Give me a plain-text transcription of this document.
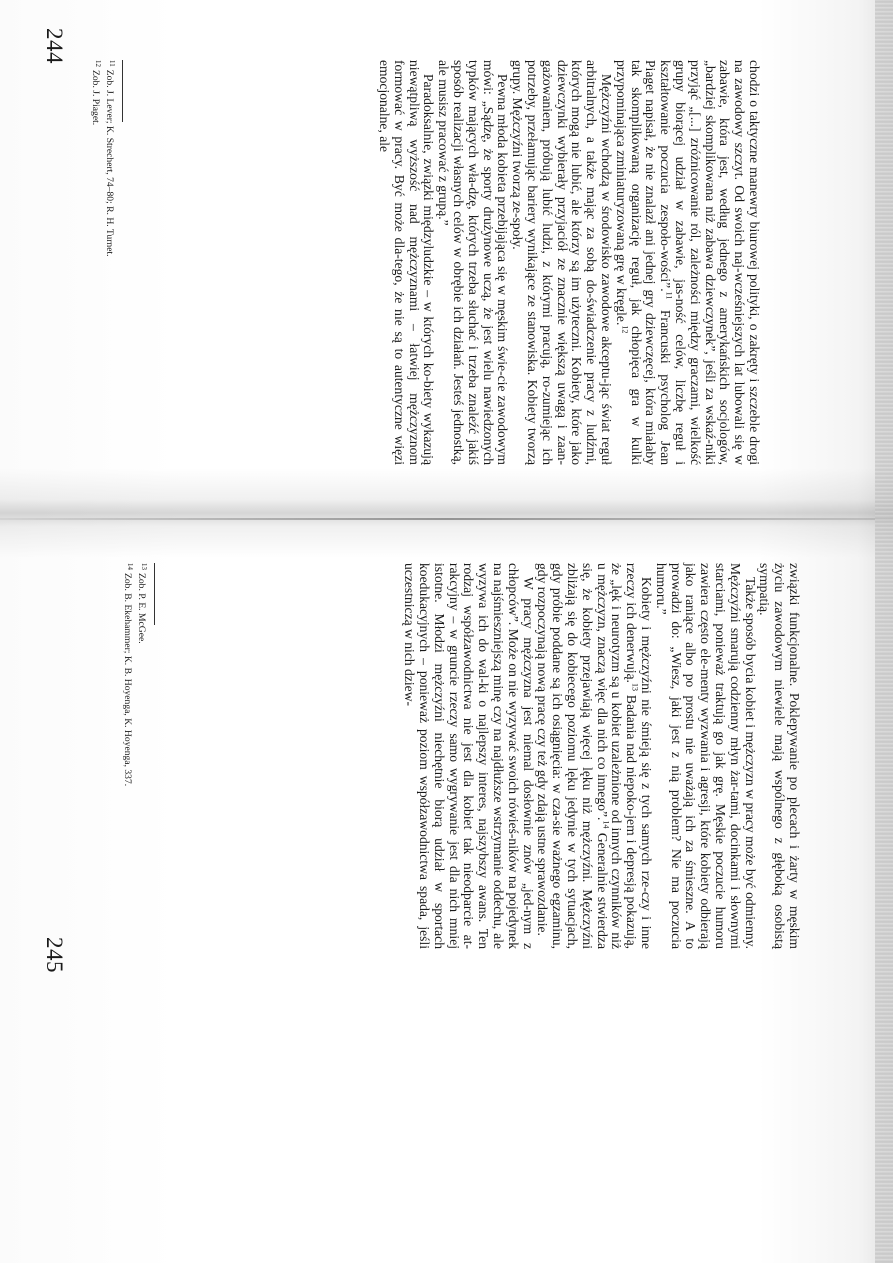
244

chodzi o taktyczne manewry biurowej polityki, o zakręty i szczeble drogi na zawodowy szczyt. Od swoich naj-wcześniejszych lat lubowali się w zabawie, która jest, według jednego z amerykańskich socjologów, „bardziej skomplikowana niż zabawa dziewczynek”, jeśli za wskaź-niki przyjąć „[...] zróżnicowanie ról, zależności między graczami, wielkość grupy biorącej udział w zabawie, jas-ność celów, liczbę reguł i kształtowanie poczucia zespoło-wości”.$^{11}$ Francuski psycholog Jean Piaget napisał, że nie znalazł ani jednej gry dziewczęcej, która miałaby tak skomplikowaną organizację reguł, jak chłopięca gra w kulki przypominająca zminiaturyzowaną grę w kręgle.$^{12}$

Mężczyźni wchodzą w środowisko zawodowe akceptu-jąc świat reguł arbitralnych, a także mając za sobą do-świadczenie pracy z ludźmi, których mogą nie lubić, ale którzy są im użyteczni. Kobiety, które jako dziewczynki wybierały przyjaciół ze znacznie większą uwagą i zaan-gażowaniem, próbują lubić ludzi, z którymi pracują, ro-zumiejąc ich potrzeby, przełamując bariery wynikające ze stanowiska. Kobiety tworzą grupy. Mężczyźni tworzą ze-społy.

Pewna młoda kobieta przebijająca się w męskim świe-cie zawodowym mówi: „Sądzę, że sporty drużynowe uczą, że jest wielu nawiedzonych typków mających wła-dzę, których trzeba słuchać i trzeba znaleźć jakiś sposób realizacji własnych celów w obrębie ich działań. Jesteś jednostką, ale musisz pracować z grupą.”

Paradoksalnie, związki międzyludzkie – w których ko-biety wykazują niewątpliwą wyższość nad mężczyznami – łatwiej mężczyznom formować w pracy. Być może dla-tego, że nie są to autentyczne więzi emocjonalne, ale

$^{11}$Zob. J. Lever; K. Strechert, 74–80; R. H. Turnet.

$^{12}$Zob. J. Piaget.

245

związki funkcjonalne. Poklepywanie po plecach i żarty w męskim życiu zawodowym niewiele mają wspólnego z głęboką osobistą sympatią.

Także sposób bycia kobiet i mężczyzn w pracy może być odmienny. Mężczyźni smarują codzienny młyn żar-tami, docinkami i słownymi starciami, ponieważ traktują go jak grę. Męskie poczucie humoru zawiera często ele-menty wyzwania i agresji, które kobiety odbierają jako raniące albo po prostu nie uważają ich za śmieszne. A to prowadzi do: „Wiesz, jaki jest z nią problem? Nie ma poczucia humoru.”

Kobiety i mężczyźni nie śmieją się z tych samych rze-czy i inne rzeczy ich denerwują.$^{13}$ Badania nad niepoko-jem i depresją pokazują, że „lęk i neurotyzm są u kobiet uzależnione od innych czynników niż u mężczyzn, znaczą więc dla nich co innego”.$^{14}$ Generalnie stwierdza się, że kobiety przejawiają więcej lęku niż mężczyźni. Mężczyźni zbliżają się do kobiecego poziomu lęku jedynie w tych sytuacjach, gdy próbie poddane są ich osiągnięcia: w cza-sie ważnego egzaminu, gdy rozpoczynają nową pracę czy też gdy zdają ustne sprawozdanie.

W pracy mężczyzna jest niemal dosłownie znów „jed-nym z chłopców”. Może on nie wyzywać swoich rówieś-ników na pojedynek na najśmieszniejszą minę czy na najdłuższe wstrzymanie oddechu, ale wyzywa ich do wal-ki o najlepszy interes, najszybszy awans. Ten rodzaj współzawodnictwa nie jest dla kobiet tak nieodparcie at-rakcyjny – w gruncie rzeczy samo wygrywanie jest dla nich mniej istotne. Młodzi mężczyźni niechętnie biorą udział w sportach koedukacyjnych – ponieważ poziom współzawodnictwa spada, jeśli uczestniczą w nich dziew-

$^{13}$Zob. P. E. McGee.

$^{14}$Zob. B. Ekehammer; K. B. Hoyenga, K. Hoyenga, 337.
